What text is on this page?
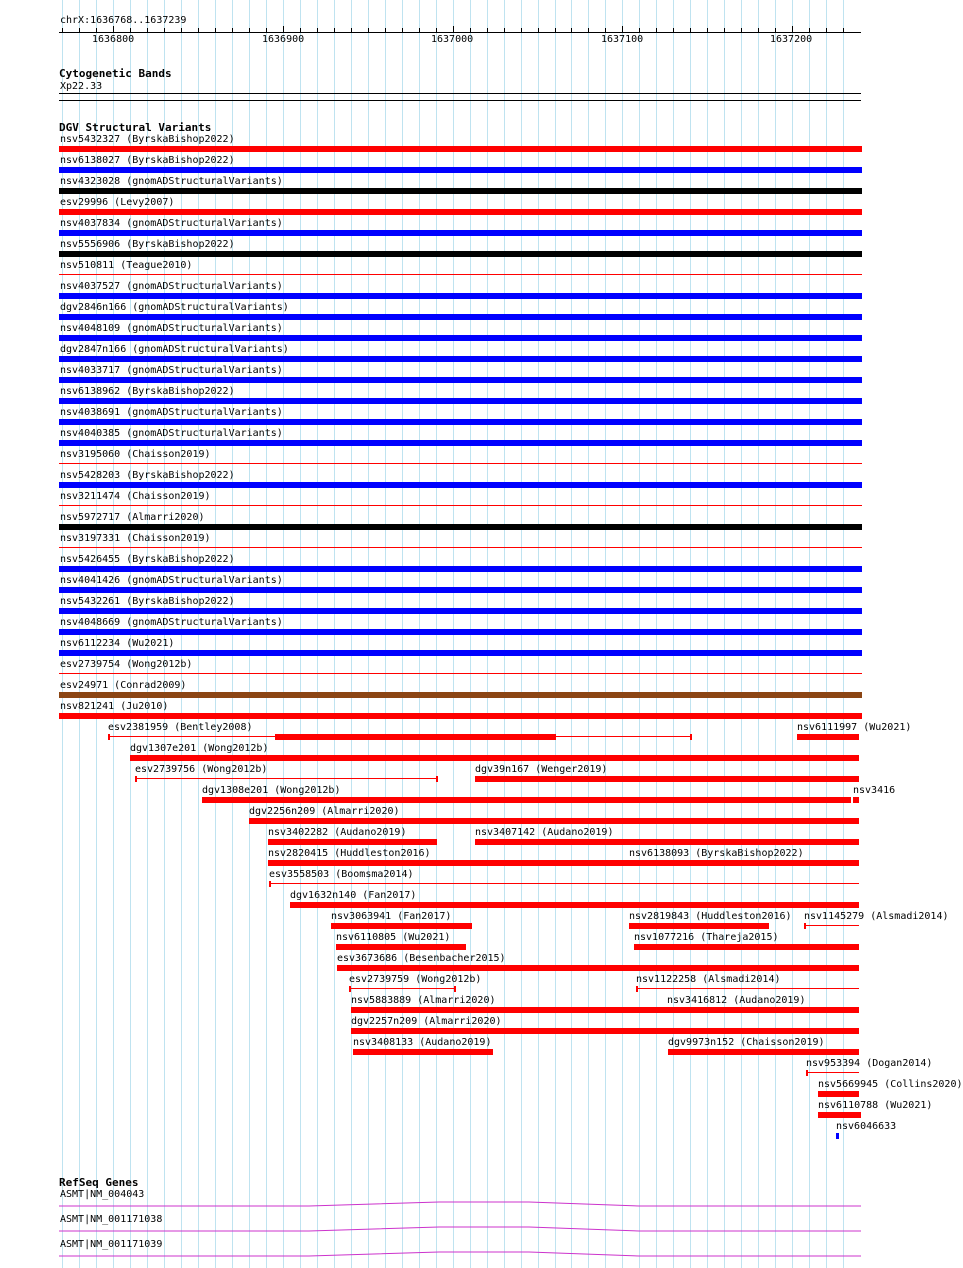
chrX:1636768..1637239
1636800	1636900	1637000	1637100	1637200
Cytogenetic Bands
Xp22.33
DGV Structural Variants
RefSeq Genes
ASMT|NM_004043
ASMT|NM_001171038
ASMT|NM_001171039
nsv5432327 (ByrskaBishop2022)
nsv6138027 (ByrskaBishop2022)
nsv4323028 (gnomADStructuralVariants)
esv29996 (Levy2007)
nsv4037834 (gnomADStructuralVariants)
nsv5556906 (ByrskaBishop2022)
nsv510811 (Teague2010)
nsv4037527 (gnomADStructuralVariants)
dgv2846n166 (gnomADStructuralVariants)
nsv4048109 (gnomADStructuralVariants)
dgv2847n166 (gnomADStructuralVariants)
nsv4033717 (gnomADStructuralVariants)
nsv6138962 (ByrskaBishop2022)
nsv4038691 (gnomADStructuralVariants)
nsv4040385 (gnomADStructuralVariants)
nsv3195060 (Chaisson2019)
nsv5428203 (ByrskaBishop2022)
nsv3211474 (Chaisson2019)
nsv5972717 (Almarri2020)
nsv3197331 (Chaisson2019)
nsv5426455 (ByrskaBishop2022)
nsv4041426 (gnomADStructuralVariants)
nsv5432261 (ByrskaBishop2022)
nsv4048669 (gnomADStructuralVariants)
nsv6112234 (Wu2021)
esv2739754 (Wong2012b)
esv24971 (Conrad2009)
nsv821241 (Ju2010)
esv2381959 (Bentley2008)	nsv6111997 (Wu2021)
dgv1307e201 (Wong2012b)
esv2739756 (Wong2012b)	dgv39n167 (Wenger2019)
dgv1308e201 (Wong2012b)	nsv3416
dgv2256n209 (Almarri2020)
nsv3402282 (Audano2019)	nsv3407142 (Audano2019)
nsv2820415 (Huddleston2016)	nsv6138093 (ByrskaBishop2022)
esv3558503 (Boomsma2014)
dgv1632n140 (Fan2017)
nsv3063941 (Fan2017)	nsv2819843 (Huddleston2016) nsv1145279 (Alsmadi2014)
nsv6110805 (Wu2021)	nsv1077216 (Thareja2015)
esv3673686 (Besenbacher2015)
esv2739759 (Wong2012b)	nsv1122258 (Alsmadi2014)
nsv5883889 (Almarri2020)	nsv3416812 (Audano2019)
dgv2257n209 (Almarri2020)
nsv3408133 (Audano2019)	dgv9973n152 (Chaisson2019)
nsv953394 (Dogan2014)
nsv5669945 (Collins2020)
nsv6110788 (Wu2021)
nsv6046633
